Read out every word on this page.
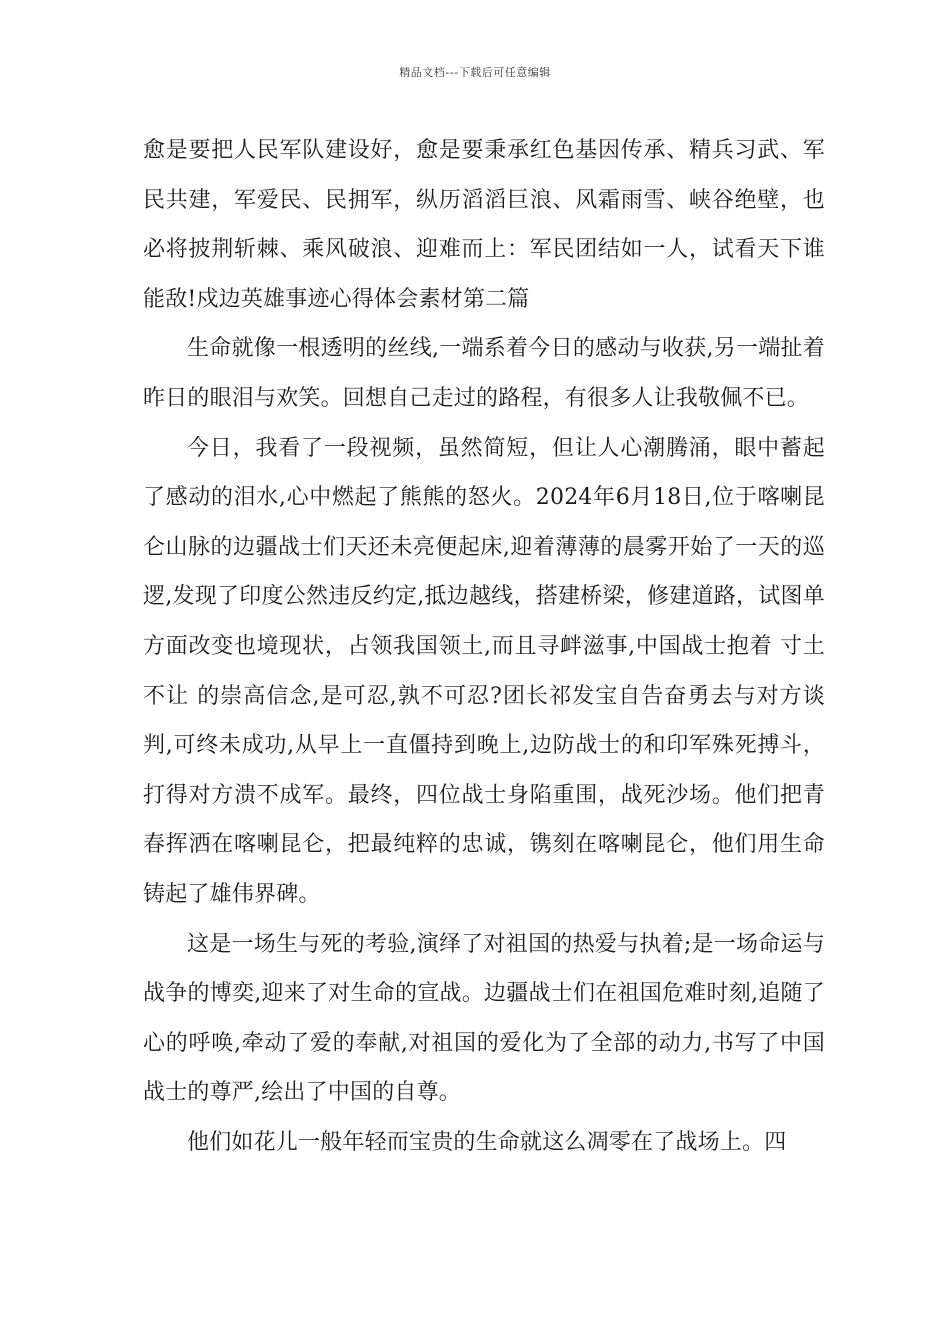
精品文档---下载后可任意编辑

愈是要把人民军队建设好，愈是要秉承红色基因传承、精兵习武、军民共建，军爱民、民拥军，纵历滔滔巨浪、风霜雨雪、峡谷绝壁，也必将披荆斩棘、乘风破浪、迎难而上：军民团结如一人，试看天下谁能敌!戍边英雄事迹心得体会素材第二篇

生命就像一根透明的丝线,一端系着今日的感动与收获,另一端扯着昨日的眼泪与欢笑。回想自己走过的路程，有很多人让我敬佩不已。

今日，我看了一段视频，虽然简短，但让人心潮腾涌，眼中蓄起了感动的泪水,心中燃起了熊熊的怒火。2024年6月18日,位于喀喇昆仑山脉的边疆战士们天还未亮便起床,迎着薄薄的晨雾开始了一天的巡逻,发现了印度公然违反约定,抵边越线，搭建桥梁，修建道路，试图单方面改变也境现状，占领我国领土,而且寻衅滋事,中国战士抱着 寸土不让 的崇高信念,是可忍,孰不可忍?团长祁发宝自告奋勇去与对方谈判,可终未成功,从早上一直僵持到晚上,边防战士的和印军殊死搏斗，打得对方溃不成军。最终，四位战士身陷重围，战死沙场。他们把青春挥洒在喀喇昆仑，把最纯粹的忠诚，镌刻在喀喇昆仑，他们用生命铸起了雄伟界碑。

这是一场生与死的考验,演绎了对祖国的热爱与执着;是一场命运与战争的博奕,迎来了对生命的宣战。边疆战士们在祖国危难时刻,追随了心的呼唤,牵动了爱的奉献,对祖国的爱化为了全部的动力,书写了中国战士的尊严,绘出了中国的自尊。

他们如花儿一般年轻而宝贵的生命就这么凋零在了战场上。四
